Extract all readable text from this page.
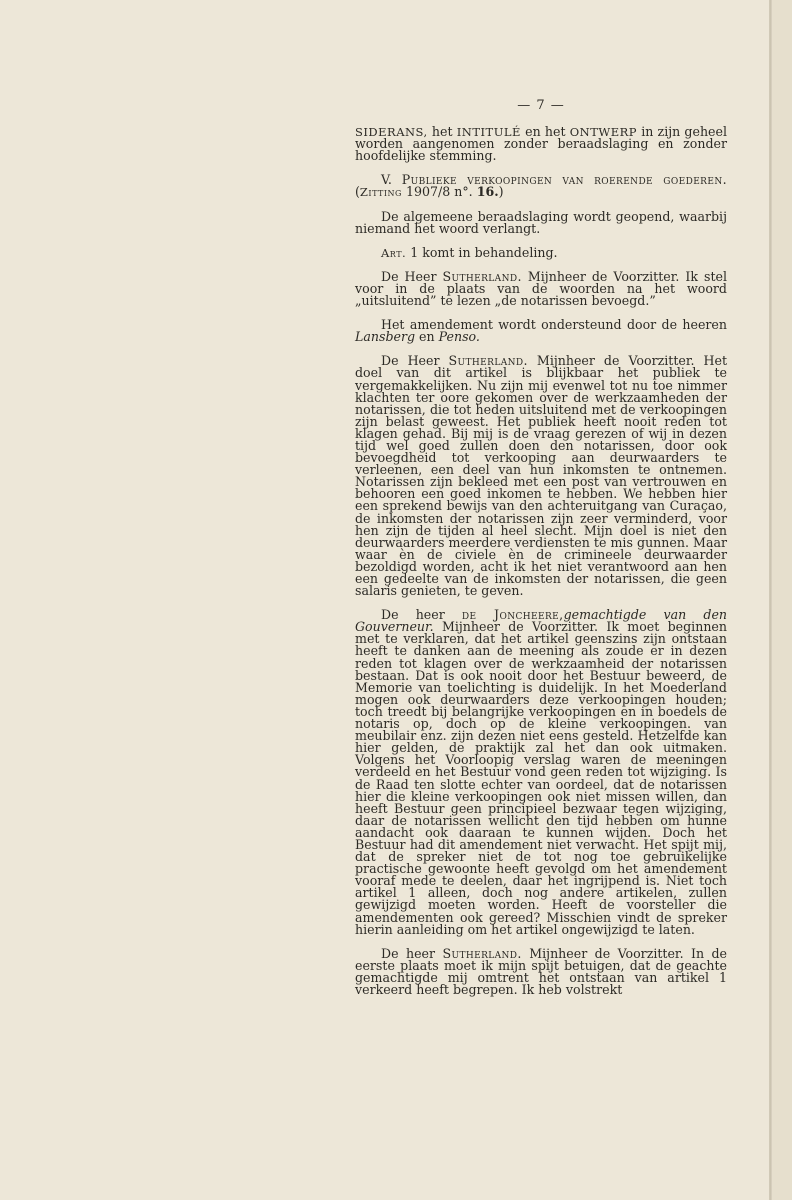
— 7 —

SIDERANS, het INTITULÉ en het ONTWERP in zijn geheel worden aangenomen zonder beraadslaging en zonder hoofdelijke stemming.

V. Publieke verkoopingen van roerende goederen. (Zitting 1907/8 n°. 16.)

De algemeene beraadslaging wordt geopend, waarbij niemand het woord verlangt.

Art. 1 komt in behandeling.

De Heer Sutherland. Mijnheer de Voorzitter. Ik stel voor in de plaats van de woorden na het woord „uitsluitend” te lezen „de notarissen bevoegd.”

Het amendement wordt ondersteund door de heeren Lansberg en Penso.

De Heer Sutherland. Mijnheer de Voorzitter. Het doel van dit artikel is blijkbaar het publiek te vergemakkelijken. Nu zijn mij evenwel tot nu toe nimmer klachten ter oore gekomen over de werkzaamheden der notarissen, die tot heden uitsluitend met de verkoopingen zijn belast geweest. Het publiek heeft nooit reden tot klagen gehad. Bij mij is de vraag gerezen of wij in dezen tijd wel goed zullen doen den notarissen, door ook bevoegdheid tot verkooping aan deurwaarders te verleenen, een deel van hun inkomsten te ontnemen. Notarissen zijn bekleed met een post van vertrouwen en behooren een goed inkomen te hebben. We hebben hier een sprekend bewijs van den achteruitgang van Curaçao, de inkomsten der notarissen zijn zeer verminderd, voor hen zijn de tijden al heel slecht. Mijn doel is niet den deurwaarders meerdere verdiensten te mis gunnen. Maar waar èn de civiele èn de crimineele deurwaarder bezoldigd worden, acht ik het niet verantwoord aan hen een gedeelte van de inkomsten der notarissen, die geen salaris genieten, te geven.

De heer de Joncheere,gemachtigde van den Gouverneur. Mijnheer de Voorzitter. Ik moet beginnen met te verklaren, dat het artikel geenszins zijn ontstaan heeft te danken aan de meening als zoude er in dezen reden tot klagen over de werkzaamheid der notarissen bestaan. Dat is ook nooit door het Bestuur beweerd, de Memorie van toelichting is duidelijk. In het Moederland mogen ook deurwaarders deze verkoopingen houden; toch treedt bij belangrijke verkoopingen en in boedels de notaris op, doch op de kleine verkoopingen. van meubilair enz. zijn dezen niet eens gesteld. Hetzelfde kan hier gelden, de praktijk zal het dan ook uitmaken. Volgens het Voorloopig verslag waren de meeningen verdeeld en het Bestuur vond geen reden tot wijziging. Is de Raad ten slotte echter van oordeel, dat de notarissen hier die kleine verkoopingen ook niet missen willen, dan heeft Bestuur geen principieel bezwaar tegen wijziging, daar de notarissen wellicht den tijd hebben om hunne aandacht ook daaraan te kunnen wijden. Doch het Bestuur had dit amendement niet verwacht. Het spijt mij, dat de spreker niet de tot nog toe gebruikelijke practische gewoonte heeft gevolgd om het amendement vooraf mede te deelen, daar het ingrijpend is. Niet toch artikel 1 alleen, doch nog andere artikelen, zullen gewijzigd moeten worden. Heeft de voorsteller die amendementen ook gereed? Misschien vindt de spreker hierin aanleiding om het artikel ongewijzigd te laten.

De heer Sutherland. Mijnheer de Voorzitter. In de eerste plaats moet ik mijn spijt betuigen, dat de geachte gemachtigde mij omtrent het ontstaan van artikel 1 verkeerd heeft begrepen. Ik heb volstrekt
